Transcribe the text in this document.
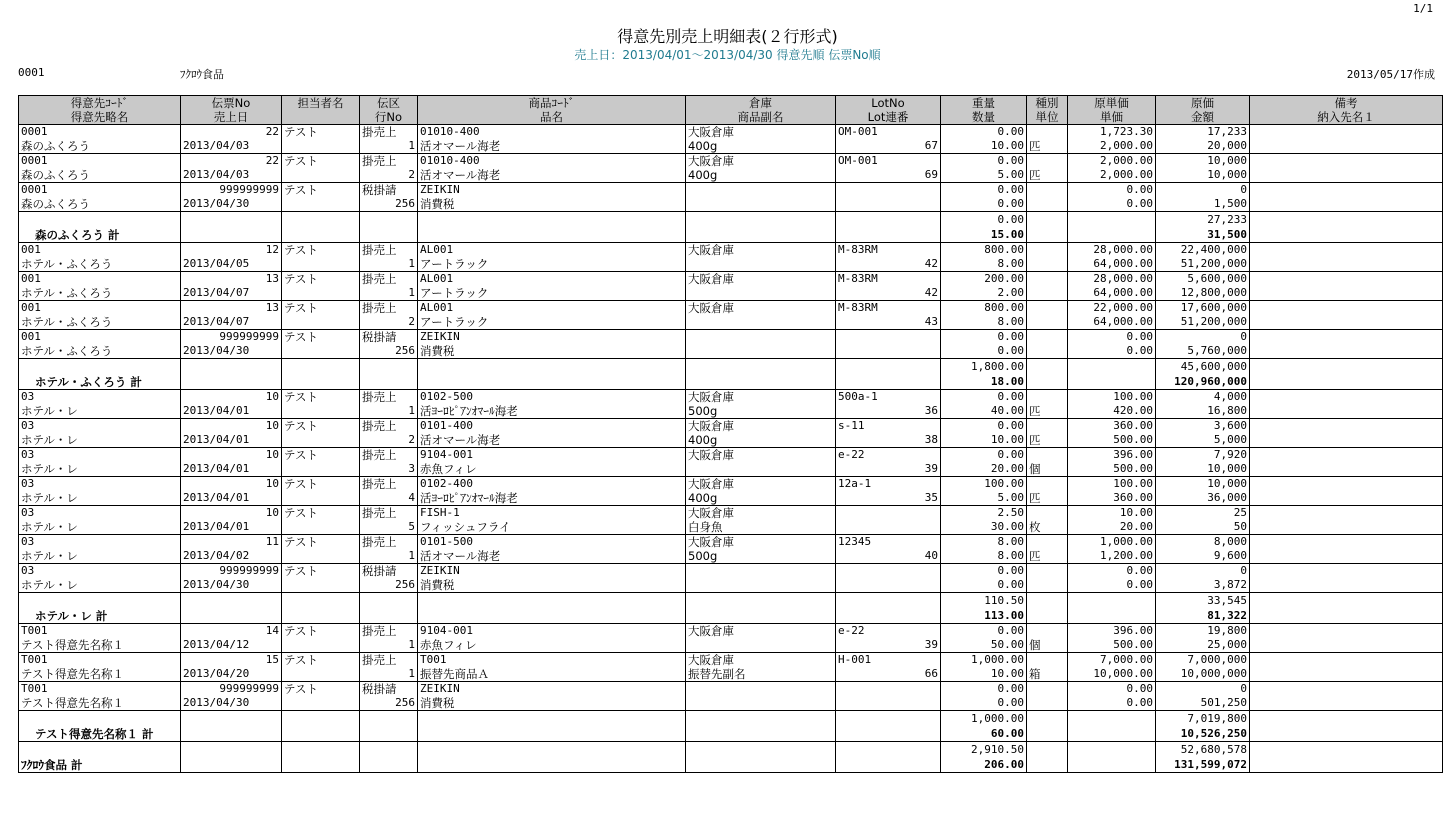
1/1
得意先別売上明細表(２行形式)
売上日：2013/04/01～2013/04/30 得意先順 伝票No順
0001	ﾌｸﾛｳ食品	2013/05/17作成
得意先ｺｰﾄﾞ	伝票No	担当者名	伝区	商品ｺｰﾄﾞ	倉庫	LotNo	重量	種別	原単価	原価	備考
得意先略名	売上日		行No	品名	商品副名	Lot連番	数量	単位	単価	金額	納入先名１
0001	22	テスト	掛売上	01010-400	大阪倉庫	OM-001	0.00		1,723.30	17,233	
森のふくろう	2013/04/03		1	活オマール海老	400g	67	10.00	匹	2,000.00	20,000	
0001	22	テスト	掛売上	01010-400	大阪倉庫	OM-001	0.00		2,000.00	10,000	
森のふくろう	2013/04/03		2	活オマール海老	400g	69	5.00	匹	2,000.00	10,000	
0001	999999999	テスト	税掛請	ZEIKIN			0.00		0.00	0	
森のふくろう	2013/04/30		256	消費税			0.00		0.00	1,500	
							0.00			27,233	
森のふくろう 計							15.00			31,500	
001	12	テスト	掛売上	AL001	大阪倉庫	M-83RM	800.00		28,000.00	22,400,000	
ホテル・ふくろう	2013/04/05		1	アートラック		42	8.00		64,000.00	51,200,000	
001	13	テスト	掛売上	AL001	大阪倉庫	M-83RM	200.00		28,000.00	5,600,000	
ホテル・ふくろう	2013/04/07		1	アートラック		42	2.00		64,000.00	12,800,000	
001	13	テスト	掛売上	AL001	大阪倉庫	M-83RM	800.00		22,000.00	17,600,000	
ホテル・ふくろう	2013/04/07		2	アートラック		43	8.00		64,000.00	51,200,000	
001	999999999	テスト	税掛請	ZEIKIN			0.00		0.00	0	
ホテル・ふくろう	2013/04/30		256	消費税			0.00		0.00	5,760,000	
							1,800.00			45,600,000	
ホテル・ふくろう 計							18.00			120,960,000	
03	10	テスト	掛売上	0102-500	大阪倉庫	500a-1	0.00		100.00	4,000	
ホテル・レ	2013/04/01		1	活ﾖｰﾛﾋﾟｱﾝｵﾏｰﾙ海老	500g	36	40.00	匹	420.00	16,800	
03	10	テスト	掛売上	0101-400	大阪倉庫	s-11	0.00		360.00	3,600	
ホテル・レ	2013/04/01		2	活オマール海老	400g	38	10.00	匹	500.00	5,000	
03	10	テスト	掛売上	9104-001	大阪倉庫	e-22	0.00		396.00	7,920	
ホテル・レ	2013/04/01		3	赤魚フィレ		39	20.00	個	500.00	10,000	
03	10	テスト	掛売上	0102-400	大阪倉庫	12a-1	100.00		100.00	10,000	
ホテル・レ	2013/04/01		4	活ﾖｰﾛﾋﾟｱﾝｵﾏｰﾙ海老	400g	35	5.00	匹	360.00	36,000	
03	10	テスト	掛売上	FISH-1	大阪倉庫		2.50		10.00	25	
ホテル・レ	2013/04/01		5	フィッシュフライ	白身魚		30.00	枚	20.00	50	
03	11	テスト	掛売上	0101-500	大阪倉庫	12345	8.00		1,000.00	8,000	
ホテル・レ	2013/04/02		1	活オマール海老	500g	40	8.00	匹	1,200.00	9,600	
03	999999999	テスト	税掛請	ZEIKIN			0.00		0.00	0	
ホテル・レ	2013/04/30		256	消費税			0.00		0.00	3,872	
							110.50			33,545	
ホテル・レ 計							113.00			81,322	
T001	14	テスト	掛売上	9104-001	大阪倉庫	e-22	0.00		396.00	19,800	
テスト得意先名称１	2013/04/12		1	赤魚フィレ		39	50.00	個	500.00	25,000	
T001	15	テスト	掛売上	T001	大阪倉庫	H-001	1,000.00		7,000.00	7,000,000	
テスト得意先名称１	2013/04/20		1	振替先商品Ａ	振替先副名	66	10.00	箱	10,000.00	10,000,000	
T001	999999999	テスト	税掛請	ZEIKIN			0.00		0.00	0	
テスト得意先名称１	2013/04/30		256	消費税			0.00		0.00	501,250	
							1,000.00			7,019,800	
テスト得意先名称１ 計							60.00			10,526,250	
							2,910.50			52,680,578	
ﾌｸﾛｳ食品 計							206.00			131,599,072	
